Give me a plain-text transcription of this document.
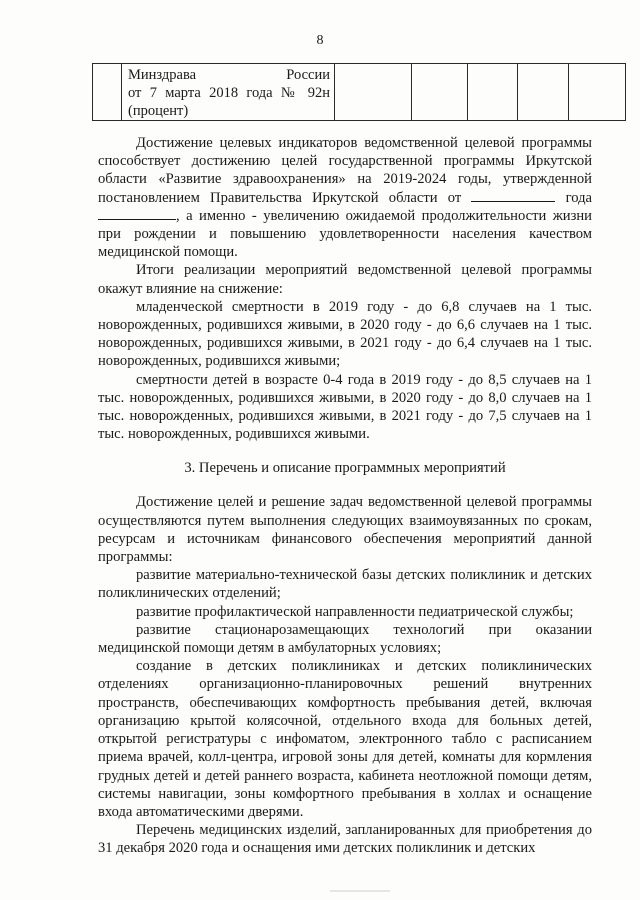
8

Минздрава России
от 7 марта 2018 года № 92н
(процент)

Достижение целевых индикаторов ведомственной целевой программы способствует достижению целей государственной программы Иркутской области «Развитие здравоохранения» на 2019-2024 годы, утвержденной постановлением Правительства Иркутской области от	года , а именно - увеличению ожидаемой продолжительности жизни при рождении и повышению удовлетворенности населения качеством медицинской помощи.

Итоги реализации мероприятий ведомственной целевой программы окажут влияние на снижение:

младенческой смертности в 2019 году - до 6,8 случаев на 1 тыс. новорожденных, родившихся живыми, в 2020 году - до 6,6 случаев на 1 тыс. новорожденных, родившихся живыми, в 2021 году - до 6,4 случаев на 1 тыс. новорожденных, родившихся живыми;

смертности детей в возрасте 0-4 года в 2019 году - до 8,5 случаев на 1 тыс. новорожденных, родившихся живыми, в 2020 году - до 8,0 случаев на 1 тыс. новорожденных, родившихся живыми, в 2021 году - до 7,5 случаев на 1 тыс. новорожденных, родившихся живыми.

3. Перечень и описание программных мероприятий

Достижение целей и решение задач ведомственной целевой программы осуществляются путем выполнения следующих взаимоувязанных по срокам, ресурсам и источникам финансового обеспечения мероприятий данной программы:

развитие материально-технической базы детских поликлиник и детских поликлинических отделений;

развитие профилактической направленности педиатрической службы;

развитие стационарозамещающих технологий при оказании медицинской помощи детям в амбулаторных условиях;

создание в детских поликлиниках и детских поликлинических отделениях организационно-планировочных решений внутренних пространств, обеспечивающих комфортность пребывания детей, включая организацию крытой колясочной, отдельного входа для больных детей, открытой регистратуры с инфоматом, электронного табло с расписанием приема врачей, колл-центра, игровой зоны для детей, комнаты для кормления грудных детей и детей раннего возраста, кабинета неотложной помощи детям, системы навигации, зоны комфортного пребывания в холлах и оснащение входа автоматическими дверями.

Перечень медицинских изделий, запланированных для приобретения до 31 декабря 2020 года и оснащения ими детских поликлиник и детских
